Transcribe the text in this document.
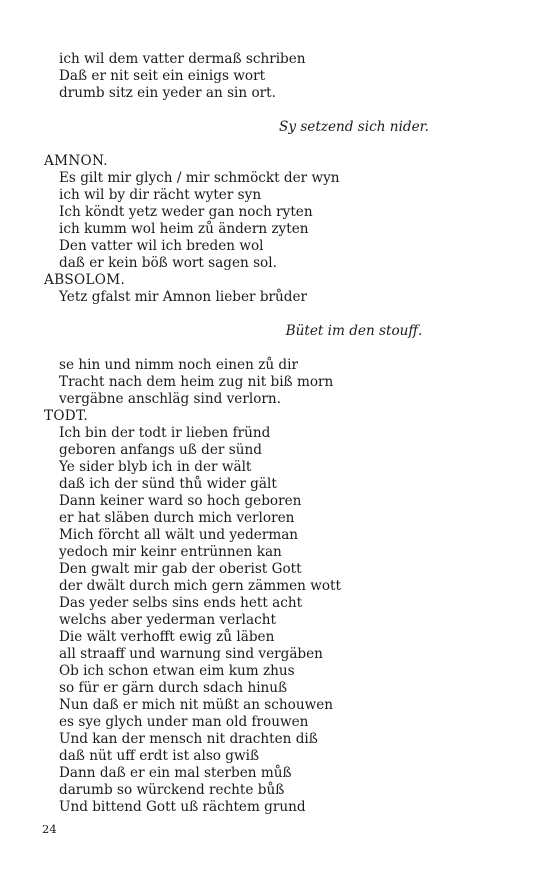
ich wil dem vatter dermaß schriben
Daß er nit seit ein einigs wort
drumb sitz ein yeder an sin ort.
Sy setzend sich nider.
AMNON.
Es gilt mir glych / mir schmöckt der wyn
ich wil by dir rächt wyter syn
Ich köndt yetz weder gan noch ryten
ich kumm wol heim zů ändern zyten
Den vatter wil ich breden wol
daß er kein böß wort sagen sol.
ABSOLOM.
Yetz gfalst mir Amnon lieber brůder
Bütet im den stouff.
se hin und nimm noch einen zů dir
Tracht nach dem heim zug nit biß morn
vergäbne anschläg sind verlorn.
TODT.
Ich bin der todt ir lieben fründ
geboren anfangs uß der sünd
Ye sider blyb ich in der wält
daß ich der sünd thů wider gält
Dann keiner ward so hoch geboren
er hat släben durch mich verloren
Mich förcht all wält und yederman
yedoch mir keinr entrünnen kan
Den gwalt mir gab der oberist Gott
der dwält durch mich gern zämmen wott
Das yeder selbs sins ends hett acht
welchs aber yederman verlacht
Die wält verhofft ewig zů läben
all straaff und warnung sind vergäben
Ob ich schon etwan eim kum zhus
so für er gärn durch sdach hinuß
Nun daß er mich nit müßt an schouwen
es sye glych under man old frouwen
Und kan der mensch nit drachten diß
daß nüt uff erdt ist also gwiß
Dann daß er ein mal sterben můß
darumb so würckend rechte bůß
Und bittend Gott uß rächtem grund
24
